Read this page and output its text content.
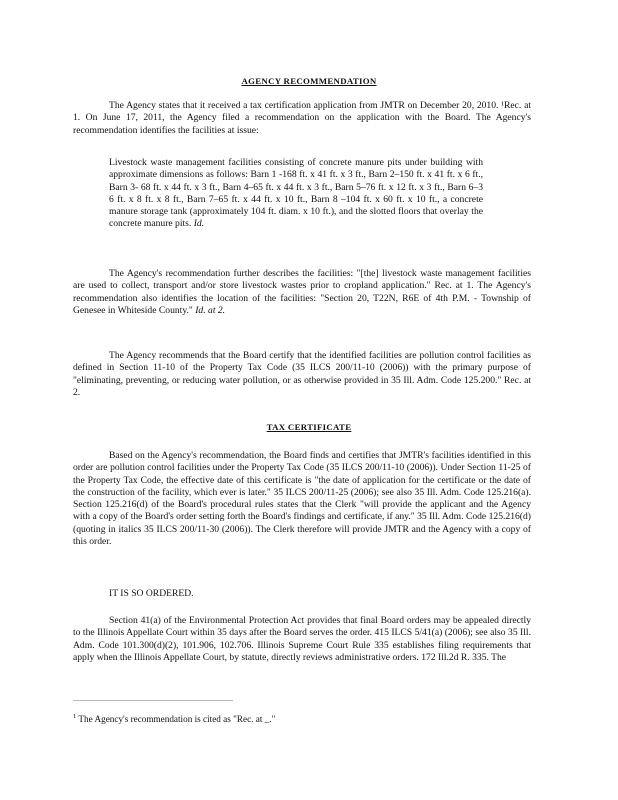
AGENCY RECOMMENDATION

The Agency states that it received a tax certification application from JMTR on December 20, 2010. ¹Rec. at 1. On June 17, 2011, the Agency filed a recommendation on the application with the Board. The Agency's recommendation identifies the facilities at issue:

Livestock waste management facilities consisting of concrete manure pits under building with approximate dimensions as follows: Barn 1 -168 ft. x 41 ft. x 3 ft., Barn 2–150 ft. x 41 ft. x 6 ft., Barn 3- 68 ft. x 44 ft. x 3 ft., Barn 4–65 ft. x 44 ft. x 3 ft., Barn 5–76 ft. x 12 ft. x 3 ft., Barn 6–3 6 ft. x 8 ft. x 8 ft., Barn 7–65 ft. x 44 ft. x 10 ft., Barn 8 –104 ft. x 60 ft. x 10 ft., a concrete manure storage tank (approximately 104 ft. diam. x 10 ft.), and the slotted floors that overlay the concrete manure pits. Id.

The Agency's recommendation further describes the facilities: "[the] livestock waste management facilities are used to collect, transport and/or store livestock wastes prior to cropland application." Rec. at 1. The Agency's recommendation also identifies the location of the facilities: "Section 20, T22N, R6E of 4th P.M. - Township of Genesee in Whiteside County." Id. at 2.

The Agency recommends that the Board certify that the identified facilities are pollution control facilities as defined in Section 11-10 of the Property Tax Code (35 ILCS 200/11-10 (2006)) with the primary purpose of "eliminating, preventing, or reducing water pollution, or as otherwise provided in 35 Ill. Adm. Code 125.200." Rec. at 2.

TAX CERTIFICATE

Based on the Agency's recommendation, the Board finds and certifies that JMTR's facilities identified in this order are pollution control facilities under the Property Tax Code (35 ILCS 200/11-10 (2006)). Under Section 11-25 of the Property Tax Code, the effective date of this certificate is "the date of application for the certificate or the date of the construction of the facility, which ever is later." 35 ILCS 200/11-25 (2006); see also 35 Ill. Adm. Code 125.216(a). Section 125.216(d) of the Board's procedural rules states that the Clerk "will provide the applicant and the Agency with a copy of the Board's order setting forth the Board's findings and certificate, if any." 35 Ill. Adm. Code 125.216(d) (quoting in italics 35 ILCS 200/11-30 (2006)). The Clerk therefore will provide JMTR and the Agency with a copy of this order.

IT IS SO ORDERED.

Section 41(a) of the Environmental Protection Act provides that final Board orders may be appealed directly to the Illinois Appellate Court within 35 days after the Board serves the order. 415 ILCS 5/41(a) (2006); see also 35 Ill. Adm. Code 101.300(d)(2), 101.906, 102.706. Illinois Supreme Court Rule 335 establishes filing requirements that apply when the Illinois Appellate Court, by statute, directly reviews administrative orders. 172 Ill.2d R. 335. The

$^1$ The Agency's recommendation is cited as "Rec. at _."
